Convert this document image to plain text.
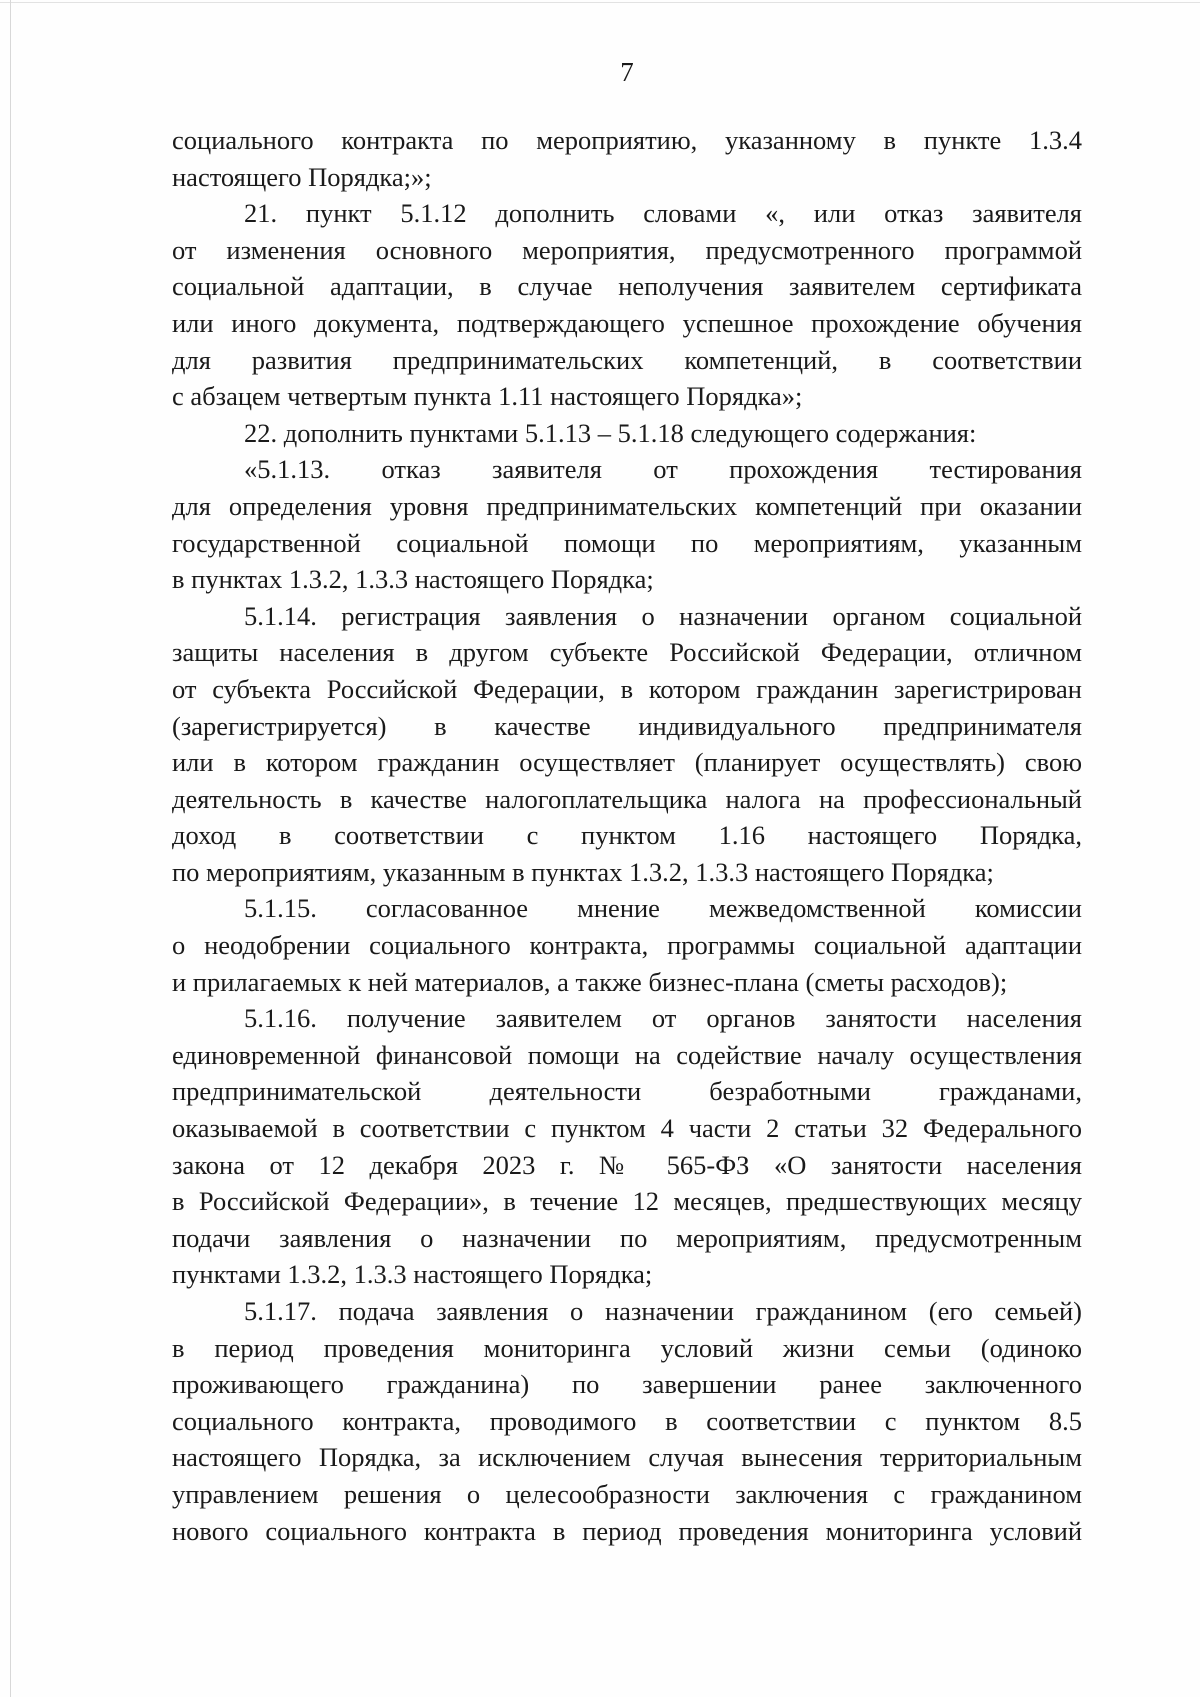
7
социального контракта по мероприятию, указанному в пункте 1.3.4
настоящего Порядка;»;
21. пункт 5.1.12 дополнить словами «, или отказ заявителя
от изменения основного мероприятия, предусмотренного программой
социальной адаптации, в случае неполучения заявителем сертификата
или иного документа, подтверждающего успешное прохождение обучения
для развития предпринимательских компетенций, в соответствии
с абзацем четвертым пункта 1.11 настоящего Порядка»;
22. дополнить пунктами 5.1.13 – 5.1.18 следующего содержания:
«5.1.13. отказ заявителя от прохождения тестирования
для определения уровня предпринимательских компетенций при оказании
государственной социальной помощи по мероприятиям, указанным
в пунктах 1.3.2, 1.3.3 настоящего Порядка;
5.1.14. регистрация заявления о назначении органом социальной
защиты населения в другом субъекте Российской Федерации, отличном
от субъекта Российской Федерации, в котором гражданин зарегистрирован
(зарегистрируется) в качестве индивидуального предпринимателя
или в котором гражданин осуществляет (планирует осуществлять) свою
деятельность в качестве налогоплательщика налога на профессиональный
доход в соответствии с пунктом 1.16 настоящего Порядка,
по мероприятиям, указанным в пунктах 1.3.2, 1.3.3 настоящего Порядка;
5.1.15. согласованное мнение межведомственной комиссии
о неодобрении социального контракта, программы социальной адаптации
и прилагаемых к ней материалов, а также бизнес-плана (сметы расходов);
5.1.16. получение заявителем от органов занятости населения
единовременной финансовой помощи на содействие началу осуществления
предпринимательской деятельности безработными гражданами,
оказываемой в соответствии с пунктом 4 части 2 статьи 32 Федерального
закона от 12 декабря 2023 г. № 565-ФЗ «О занятости населения
в Российской Федерации», в течение 12 месяцев, предшествующих месяцу
подачи заявления о назначении по мероприятиям, предусмотренным
пунктами 1.3.2, 1.3.3 настоящего Порядка;
5.1.17. подача заявления о назначении гражданином (его семьей)
в период проведения мониторинга условий жизни семьи (одиноко
проживающего гражданина) по завершении ранее заключенного
социального контракта, проводимого в соответствии с пунктом 8.5
настоящего Порядка, за исключением случая вынесения территориальным
управлением решения о целесообразности заключения с гражданином
нового социального контракта в период проведения мониторинга условий
